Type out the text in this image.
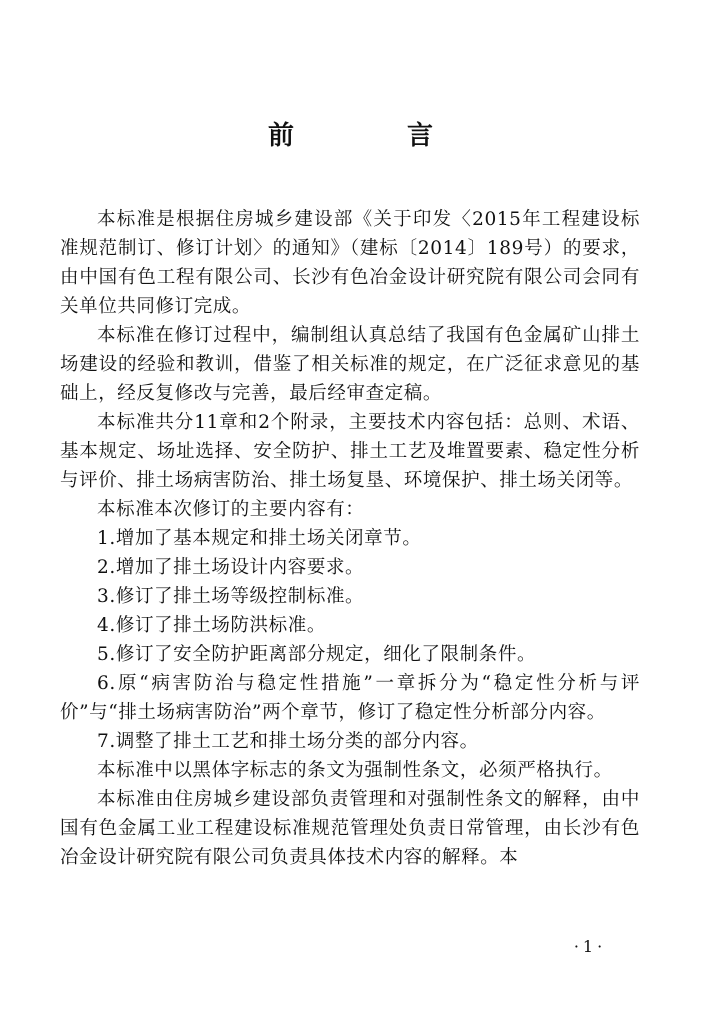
前 言

本标准是根据住房城乡建设部《关于印发〈2015年工程建设标准规范制订、修订计划〉的通知》（建标〔2014〕189号）的要求，由中国有色工程有限公司、长沙有色冶金设计研究院有限公司会同有关单位共同修订完成。

本标准在修订过程中，编制组认真总结了我国有色金属矿山排土场建设的经验和教训，借鉴了相关标准的规定，在广泛征求意见的基础上，经反复修改与完善，最后经审查定稿。

本标准共分11章和2个附录，主要技术内容包括：总则、术语、基本规定、场址选择、安全防护、排土工艺及堆置要素、稳定性分析与评价、排土场病害防治、排土场复垦、环境保护、排土场关闭等。

本标准本次修订的主要内容有：

1.增加了基本规定和排土场关闭章节。

2.增加了排土场设计内容要求。

3.修订了排土场等级控制标准。

4.修订了排土场防洪标准。

5.修订了安全防护距离部分规定，细化了限制条件。

6.原“病害防治与稳定性措施”一章拆分为“稳定性分析与评价”与“排土场病害防治”两个章节，修订了稳定性分析部分内容。

7.调整了排土工艺和排土场分类的部分内容。

本标准中以黑体字标志的条文为强制性条文，必须严格执行。

本标准由住房城乡建设部负责管理和对强制性条文的解释，由中国有色金属工业工程建设标准规范管理处负责日常管理，由长沙有色冶金设计研究院有限公司负责具体技术内容的解释。本

·1·
